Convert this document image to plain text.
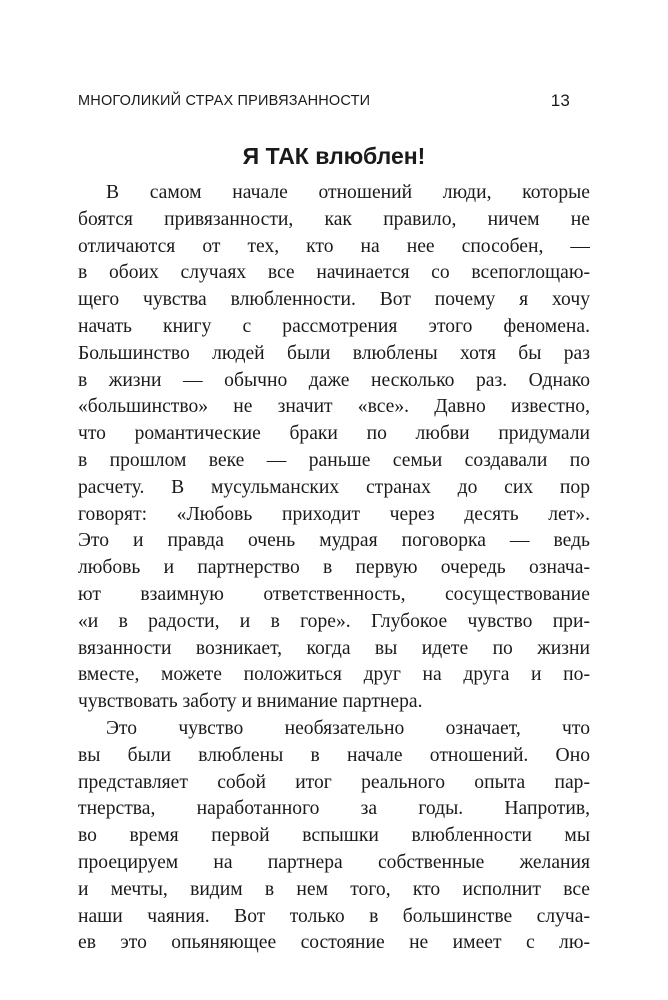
МНОГОЛИКИЙ СТРАХ ПРИВЯЗАННОСТИ	13
Я ТАК влюблен!
В самом начале отношений люди, которые
боятся привязанности, как правило, ничем не
отличаются от тех, кто на нее способен, —
в обоих случаях все начинается со всепоглощаю-
щего чувства влюбленности. Вот почему я хочу
начать книгу с рассмотрения этого феномена.
Большинство людей были влюблены хотя бы раз
в жизни — обычно даже несколько раз. Однако
«большинство» не значит «все». Давно известно,
что романтические браки по любви придумали
в прошлом веке — раньше семьи создавали по
расчету. В мусульманских странах до сих пор
говорят: «Любовь приходит через десять лет».
Это и правда очень мудрая поговорка — ведь
любовь и партнерство в первую очередь означа-
ют взаимную ответственность, сосуществование
«и в радости, и в горе». Глубокое чувство при-
вязанности возникает, когда вы идете по жизни
вместе, можете положиться друг на друга и по-
чувствовать заботу и внимание партнера.
Это чувство необязательно означает, что
вы были влюблены в начале отношений. Оно
представляет собой итог реального опыта пар-
тнерства, наработанного за годы. Напротив,
во время первой вспышки влюбленности мы
проецируем на партнера собственные желания
и мечты, видим в нем того, кто исполнит все
наши чаяния. Вот только в большинстве случа-
ев это опьяняющее состояние не имеет с лю-
